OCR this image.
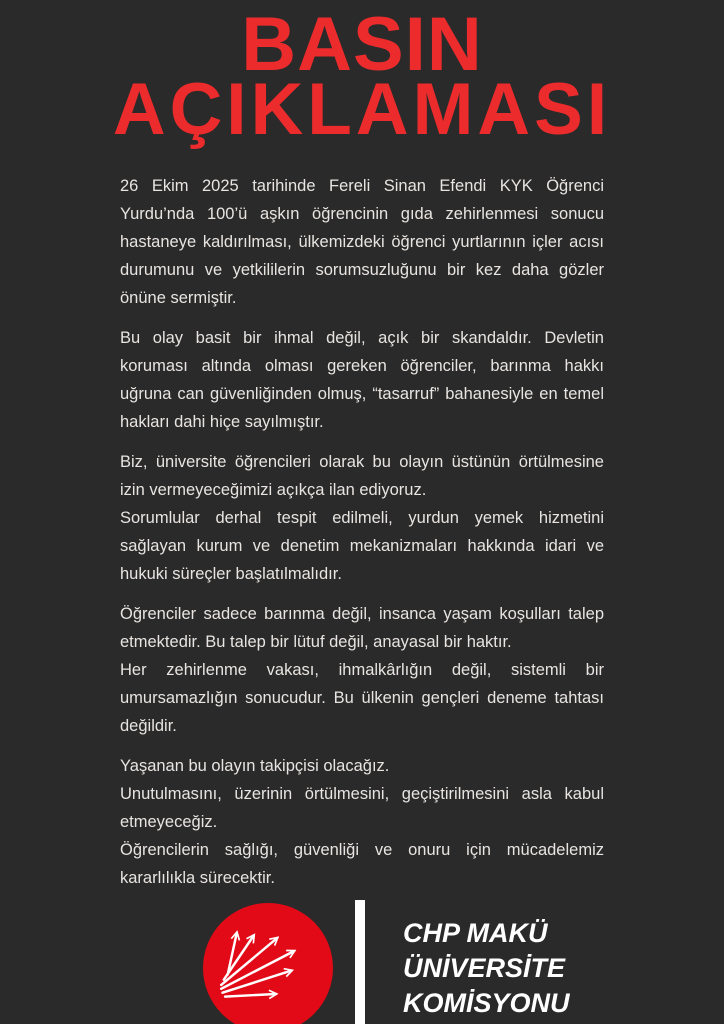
BASIN
AÇIKLAMASI

26 Ekim 2025 tarihinde Fereli Sinan Efendi KYK Öğrenci Yurdu’nda 100’ü aşkın öğrencinin gıda zehirlenmesi sonucu hastaneye kaldırılması, ülkemizdeki öğrenci yurtlarının içler acısı durumunu ve yetkililerin sorumsuzluğunu bir kez daha gözler önüne sermiştir.

Bu olay basit bir ihmal değil, açık bir skandaldır. Devletin koruması altında olması gereken öğrenciler, barınma hakkı uğruna can güvenliğinden olmuş, “tasarruf” bahanesiyle en temel hakları dahi hiçe sayılmıştır.

Biz, üniversite öğrencileri olarak bu olayın üstünün örtülmesine izin vermeyeceğimizi açıkça ilan ediyoruz.

Sorumlular derhal tespit edilmeli, yurdun yemek hizmetini sağlayan kurum ve denetim mekanizmaları hakkında idari ve hukuki süreçler başlatılmalıdır.

Öğrenciler sadece barınma değil, insanca yaşam koşulları talep etmektedir. Bu talep bir lütuf değil, anayasal bir haktır.

Her zehirlenme vakası, ihmalkârlığın değil, sistemli bir umursamazlığın sonucudur. Bu ülkenin gençleri deneme tahtası değildir.

Yaşanan bu olayın takipçisi olacağız.

Unutulmasını, üzerinin örtülmesini, geçiştirilmesini asla kabul etmeyeceğiz.

Öğrencilerin sağlığı, güvenliği ve onuru için mücadelemiz kararlılıkla sürecektir.

CHP MAKÜ
ÜNİVERSİTE
KOMİSYONU
